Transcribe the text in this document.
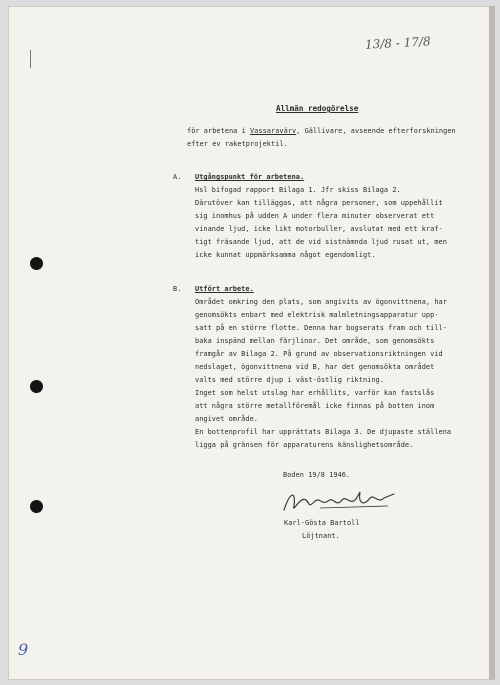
13/8 - 17/8
Allmän redogörelse
för arbetena i Vassaravärv, Gällivare, avseende efterforskningen
efter ev raketprojektil.
A. Utgångspunkt för arbetena.
Hsl bifogad rapport Bilaga 1. Jfr skiss Bilaga 2.
Därutöver kan tilläggas, att några personer, som uppehållit
sig inomhus på udden A under flera minuter observerat ett
vinande ljud, icke likt motorbuller, avslutat med ett kraf-
tigt fräsande ljud, att de vid sistnämnda ljud rusat ut, men
icke kunnat uppmärksamma något egendomligt.
B. Utfört arbete.
Området omkring den plats, som angivits av ögonvittnena, har
genomsökts enbart med elektrisk malmletningsapparatur upp-
satt på en större flotte. Denna har bogserats fram och till-
baka inspänd mellan färjlinor. Det område, som genomsökts
framgår av Bilaga 2. På grund av observationsriktningen vid
nedslaget, ögonvittnena vid B, har det genomsökta området
valts med större djup i väst-östlig riktning.
Inget som helst utslag har erhållits, varför kan fastslås
att några större metallföremål icke finnas på botten inom
angivet område.
En bottenprofil har upprättats Bilaga 3. De djupaste ställena
ligga på gränsen för apparaturens känslighetsområde.
Boden 19/8 1946.
Karl-Gösta Bartoll
Löjtnant.
9
